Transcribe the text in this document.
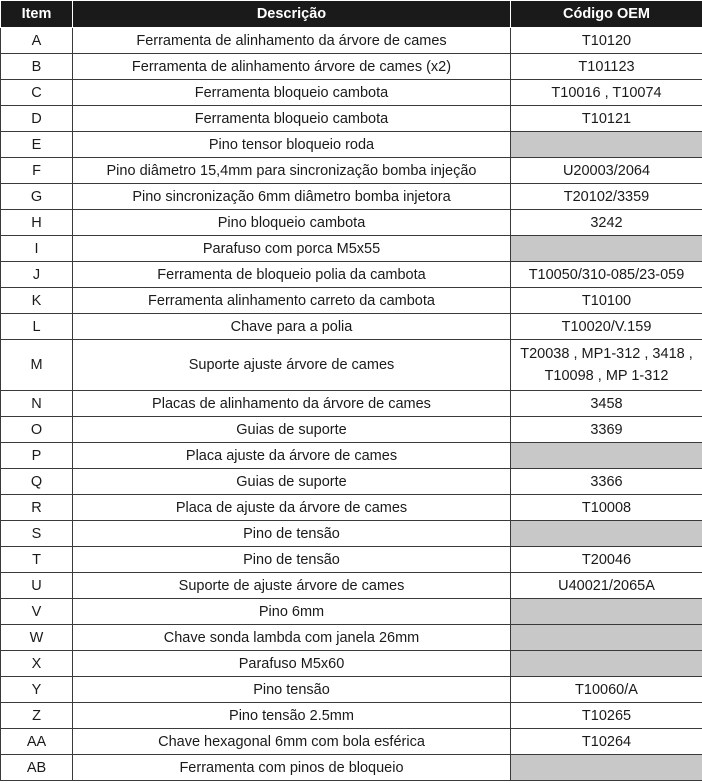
Item	Descrição	Código OEM
A	Ferramenta de alinhamento da árvore de cames	T10120
B	Ferramenta de alinhamento árvore de cames (x2)	T101123
C	Ferramenta bloqueio cambota	T10016 , T10074
D	Ferramenta bloqueio cambota	T10121
E	Pino tensor bloqueio roda	
F	Pino diâmetro 15,4mm para sincronização bomba injeção	U20003/2064
G	Pino sincronização 6mm diâmetro bomba injetora	T20102/3359
H	Pino bloqueio cambota	3242
I	Parafuso com porca M5x55	
J	Ferramenta de bloqueio polia da cambota	T10050/310-085/23-059
K	Ferramenta alinhamento carreto da cambota	T10100
L	Chave para a polia	T10020/V.159
M	Suporte ajuste árvore de cames	T20038 , MP1-312 , 3418 , T10098 , MP 1-312
N	Placas de alinhamento da árvore de cames	3458
O	Guias de suporte	3369
P	Placa ajuste da árvore de cames	
Q	Guias de suporte	3366
R	Placa de ajuste da árvore de cames	T10008
S	Pino de tensão	
T	Pino de tensão	T20046
U	Suporte de ajuste árvore de cames	U40021/2065A
V	Pino 6mm	
W	Chave sonda lambda com janela 26mm	
X	Parafuso M5x60	
Y	Pino tensão	T10060/A
Z	Pino tensão 2.5mm	T10265
AA	Chave hexagonal 6mm com bola esférica	T10264
AB	Ferramenta com pinos de bloqueio	
